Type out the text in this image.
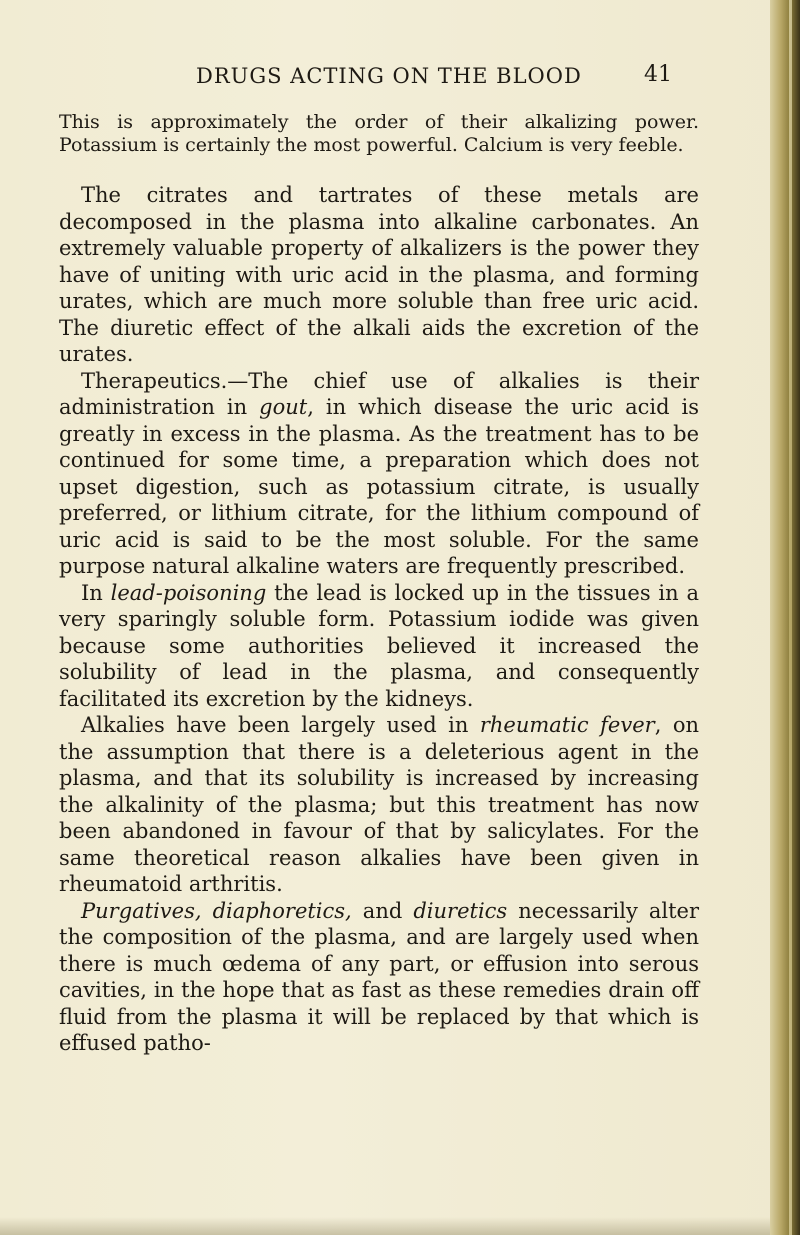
DRUGS ACTING ON THE BLOOD	41

This is approximately the order of their alkalizing power. Potassium is certainly the most powerful. Calcium is very feeble.

The citrates and tartrates of these metals are decomposed in the plasma into alkaline carbonates. An extremely valuable property of alkalizers is the power they have of uniting with uric acid in the plasma, and forming urates, which are much more soluble than free uric acid. The diuretic effect of the alkali aids the excretion of the urates.

Therapeutics.—The chief use of alkalies is their administration in gout, in which disease the uric acid is greatly in excess in the plasma. As the treatment has to be continued for some time, a preparation which does not upset digestion, such as potassium citrate, is usually preferred, or lithium citrate, for the lithium compound of uric acid is said to be the most soluble. For the same purpose natural alkaline waters are frequently prescribed.

In lead-poisoning the lead is locked up in the tissues in a very sparingly soluble form. Potassium iodide was given because some authorities believed it increased the solubility of lead in the plasma, and consequently facilitated its excretion by the kidneys.

Alkalies have been largely used in rheumatic fever, on the assumption that there is a deleterious agent in the plasma, and that its solubility is increased by increasing the alkalinity of the plasma; but this treatment has now been abandoned in favour of that by salicylates. For the same theoretical reason alkalies have been given in rheumatoid arthritis.

Purgatives, diaphoretics, and diuretics necessarily alter the composition of the plasma, and are largely used when there is much œdema of any part, or effusion into serous cavities, in the hope that as fast as these remedies drain off fluid from the plasma it will be replaced by that which is effused patho-
